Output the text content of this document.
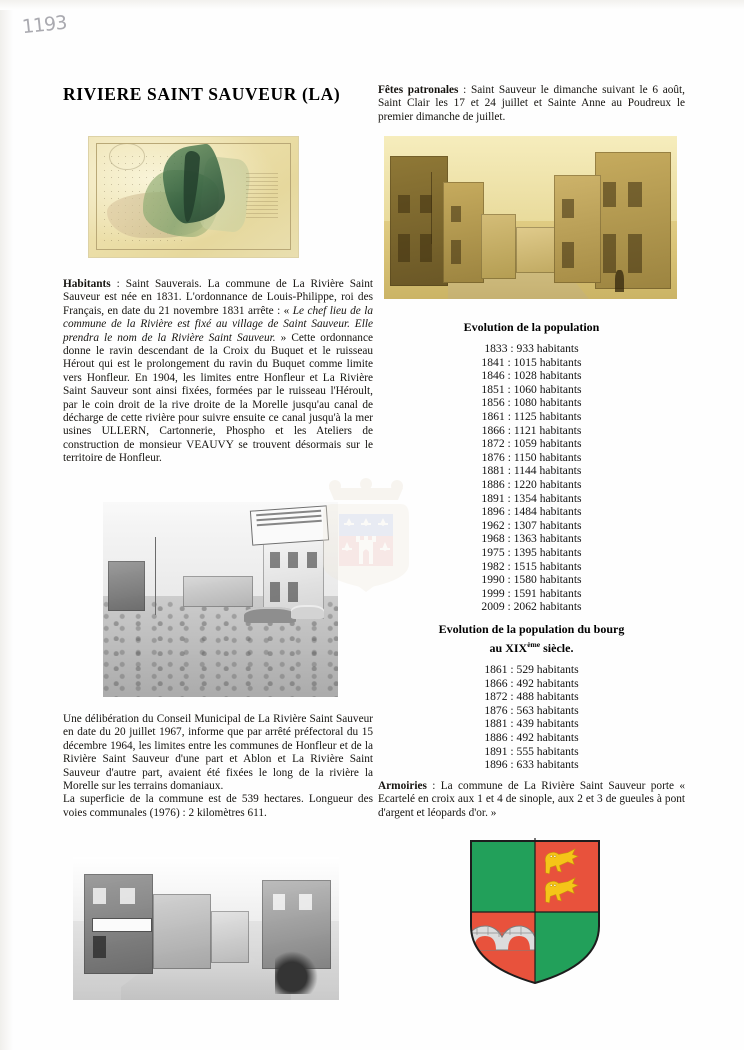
1193
RIVIERE SAINT SAUVEUR (LA)

Habitants : Saint Sauverais. La commune de La Rivière Saint Sauveur est née en 1831. L'ordonnance de Louis-Philippe, roi des Français, en date du 21 novembre 1831 arrête : « Le chef lieu de la commune de la Rivière est fixé au village de Saint Sauveur. Elle prendra le nom de la Rivière Saint Sauveur. » Cette ordonnance donne le ravin descendant de la Croix du Buquet et le ruisseau Hérout qui est le prolongement du ravin du Buquet comme limite vers Honfleur. En 1904, les limites entre Honfleur et La Rivière Saint Sauveur sont ainsi fixées, formées par le ruisseau l'Héroult, par le coin droit de la rive droite de la Morelle jusqu'au canal de décharge de cette rivière pour suivre ensuite ce canal jusqu'à la mer usines ULLERN, Cartonnerie, Phospho et les Ateliers de construction de monsieur VEAUVY se trouvent désormais sur le territoire de Honfleur.

Une délibération du Conseil Municipal de La Rivière Saint Sauveur en date du 20 juillet 1967, informe que par arrêté préfectoral du 15 décembre 1964, les limites entre les communes de Honfleur et de la Rivière Saint Sauveur d'une part et Ablon et La Rivière Saint Sauveur d'autre part, avaient été fixées le long de la rivière la Morelle sur les terrains domaniaux.

La superficie de la commune est de 539 hectares. Longueur des voies communales (1976) : 2 kilomètres 611.

Fêtes patronales : Saint Sauveur le dimanche suivant le 6 août, Saint Clair les 17 et 24 juillet et Sainte Anne au Poudreux le premier dimanche de juillet.

Evolution de la population

1833 : 933 habitants
1841 : 1015 habitants
1846 : 1028 habitants
1851 : 1060 habitants
1856 : 1080 habitants
1861 : 1125 habitants
1866 : 1121 habitants
1872 : 1059 habitants
1876 : 1150 habitants
1881 : 1144 habitants
1886 : 1220 habitants
1891 : 1354 habitants
1896 : 1484 habitants
1962 : 1307 habitants
1968 : 1363 habitants
1975 : 1395 habitants
1982 : 1515 habitants
1990 : 1580 habitants
1999 : 1591 habitants
2009 : 2062 habitants

Evolution de la population du bourg
au XIXème siècle.

1861 : 529 habitants
1866 : 492 habitants
1872 : 488 habitants
1876 : 563 habitants
1881 : 439 habitants
1886 : 492 habitants
1891 : 555 habitants
1896 : 633 habitants

Armoiries : La commune de La Rivière Saint Sauveur porte « Ecartelé en croix aux 1 et 4 de sinople, aux 2 et 3 de gueules à pont d'argent et léopards d'or. »
